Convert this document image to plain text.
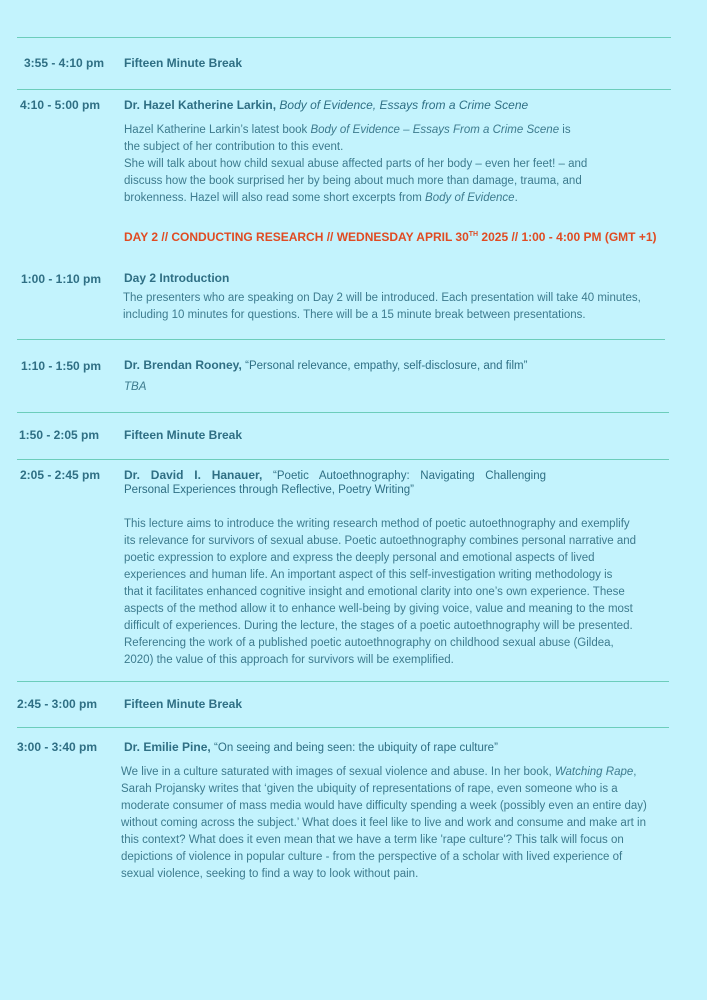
3:55 - 4:10 pm Fifteen Minute Break
4:10 - 5:00 pm Dr. Hazel Katherine Larkin, Body of Evidence, Essays from a Crime Scene
Hazel Katherine Larkin’s latest book Body of Evidence – Essays From a Crime Scene is
the subject of her contribution to this event.
She will talk about how child sexual abuse affected parts of her body – even her feet! – and
discuss how the book surprised her by being about much more than damage, trauma, and
brokenness. Hazel will also read some short excerpts from Body of Evidence.
DAY 2 // CONDUCTING RESEARCH // WEDNESDAY APRIL 30TH 2025 // 1:00 - 4:00 PM (GMT +1)
1:00 - 1:10 pm Day 2 Introduction
The presenters who are speaking on Day 2 will be introduced. Each presentation will take 40 minutes,
including 10 minutes for questions. There will be a 15 minute break between presentations.
1:10 - 1:50 pm Dr. Brendan Rooney, “Personal relevance, empathy, self-disclosure, and film”
TBA
1:50 - 2:05 pm Fifteen Minute Break
2:05 - 2:45 pm Dr. David I. Hanauer, “Poetic Autoethnography: Navigating Challenging
Personal Experiences through Reflective, Poetry Writing”
This lecture aims to introduce the writing research method of poetic autoethnography and exemplify
its relevance for survivors of sexual abuse. Poetic autoethnography combines personal narrative and
poetic expression to explore and express the deeply personal and emotional aspects of lived
experiences and human life. An important aspect of this self-investigation writing methodology is
that it facilitates enhanced cognitive insight and emotional clarity into one’s own experience. These
aspects of the method allow it to enhance well-being by giving voice, value and meaning to the most
difficult of experiences. During the lecture, the stages of a poetic autoethnography will be presented.
Referencing the work of a published poetic autoethnography on childhood sexual abuse (Gildea,
2020) the value of this approach for survivors will be exemplified.
2:45 - 3:00 pm Fifteen Minute Break
3:00 - 3:40 pm Dr. Emilie Pine, “On seeing and being seen: the ubiquity of rape culture”
We live in a culture saturated with images of sexual violence and abuse. In her book, Watching Rape,
Sarah Projansky writes that ‘given the ubiquity of representations of rape, even someone who is a
moderate consumer of mass media would have difficulty spending a week (possibly even an entire day)
without coming across the subject.’ What does it feel like to live and work and consume and make art in
this context? What does it even mean that we have a term like 'rape culture'? This talk will focus on
depictions of violence in popular culture - from the perspective of a scholar with lived experience of
sexual violence, seeking to find a way to look without pain.
